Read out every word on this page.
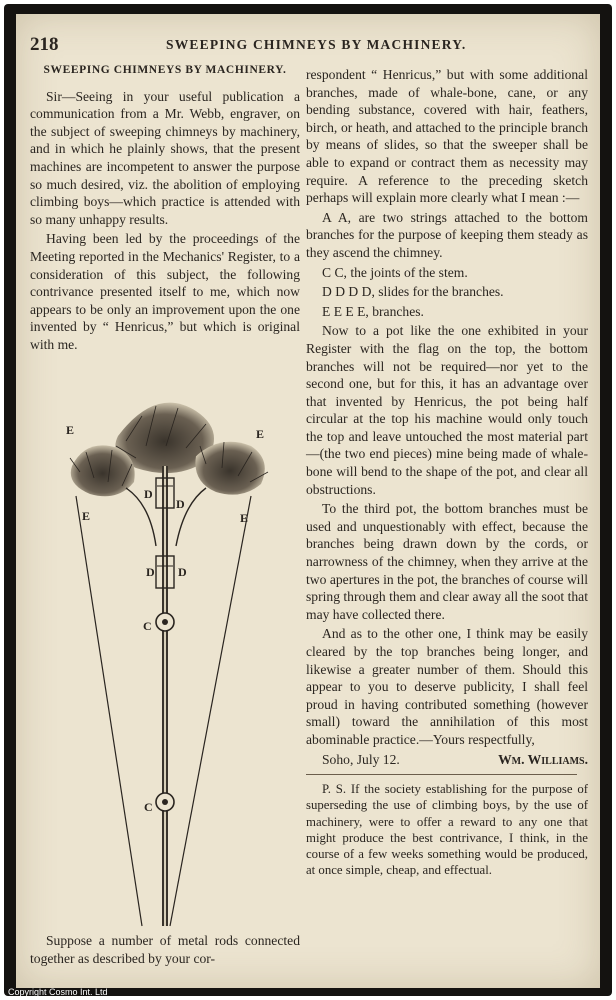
218	SWEEPING CHIMNEYS BY MACHINERY.
SWEEPING CHIMNEYS BY MACHINERY.

Sir—Seeing in your useful publication a communication from a Mr. Webb, engraver, on the subject of sweeping chimneys by machinery, and in which he plainly shows, that the present machines are incompetent to answer the purpose so much desired, viz. the abolition of employing climbing boys—which practice is attended with so many unhappy results.

Having been led by the proceedings of the Meeting reported in the Mechanics' Register, to a consideration of this subject, the following contrivance presented itself to me, which now appears to be only an improvement upon the one invented by “ Henricus,” but which is original with me.

E	E
E	E
D
D
D D
C
C

Suppose a number of metal rods connected together as described by your cor-

respondent “ Henricus,” but with some additional branches, made of whale-bone, cane, or any bending substance, covered with hair, feathers, birch, or heath, and attached to the principle branch by means of slides, so that the sweeper shall be able to expand or contract them as necessity may require. A reference to the preceding sketch perhaps will explain more clearly what I mean :—

A A, are two strings attached to the bottom branches for the purpose of keeping them steady as they ascend the chimney.

C C, the joints of the stem.

D D D D, slides for the branches.

E E E E, branches.

Now to a pot like the one exhibited in your Register with the flag on the top, the bottom branches will not be required—nor yet to the second one, but for this, it has an advantage over that invented by Henricus, the pot being half circular at the top his machine would only touch the top and leave untouched the most material part—(the two end pieces) mine being made of whale-bone will bend to the shape of the pot, and clear all obstructions.

To the third pot, the bottom branches must be used and unquestionably with effect, because the branches being drawn down by the cords, or narrowness of the chimney, when they arrive at the two apertures in the pot, the branches of course will spring through them and clear away all the soot that may have collected there.

And as to the other one, I think may be easily cleared by the top branches being longer, and likewise a greater number of them. Should this appear to you to deserve publicity, I shall feel proud in having contributed something (however small) toward the annihilation of this most abominable practice.—Yours respectfully,

Soho, July 12.	Wm. Williams.

P. S. If the society establishing for the purpose of superseding the use of climbing boys, by the use of machinery, were to offer a reward to any one that might produce the best contrivance, I think, in the course of a few weeks something would be produced, at once simple, cheap, and effectual.

Copyright Cosmo Int. Ltd
